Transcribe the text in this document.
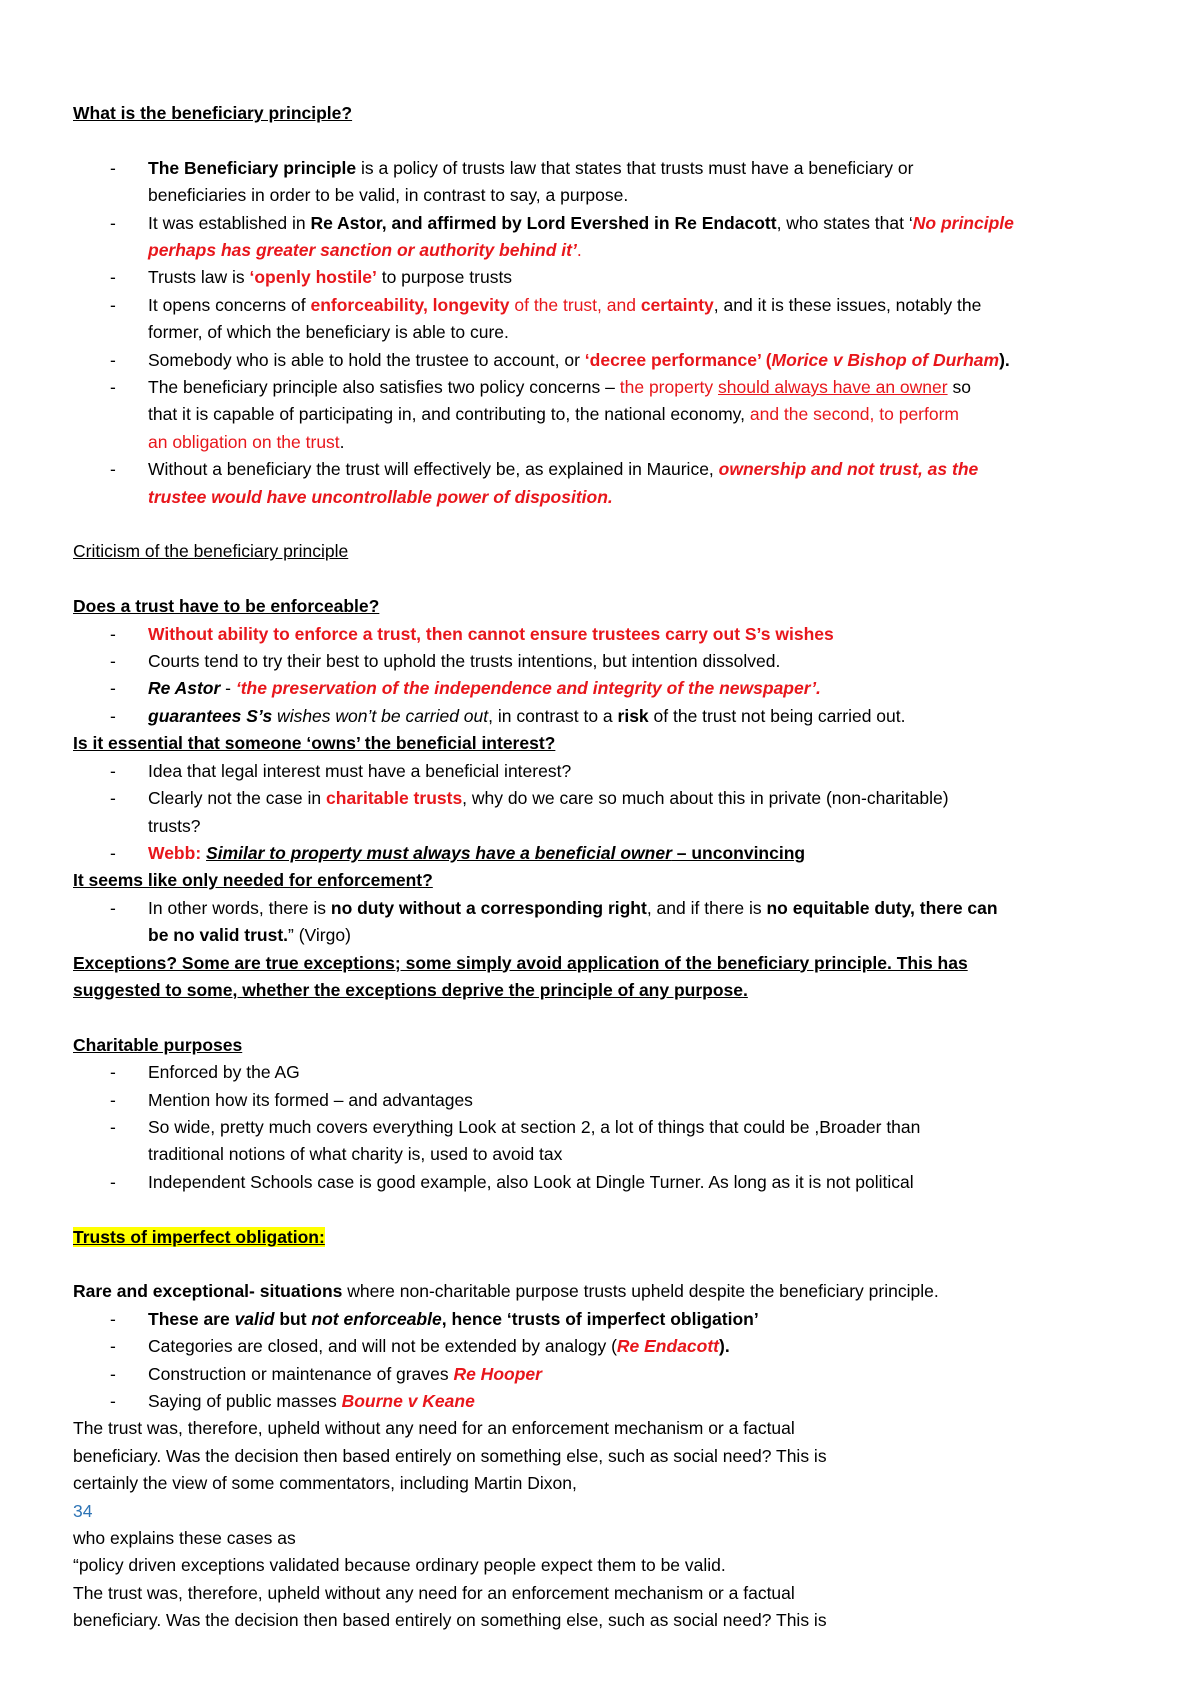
What is the beneficiary principle?
-	The Beneficiary principle is a policy of trusts law that states that trusts must have a beneficiary or
beneficiaries in order to be valid, in contrast to say, a purpose.
-	It was established in Re Astor, and affirmed by Lord Evershed in Re Endacott, who states that ‘No principle
perhaps has greater sanction or authority behind it’.
-	Trusts law is ‘openly hostile’ to purpose trusts
-	It opens concerns of enforceability, longevity of the trust, and certainty, and it is these issues, notably the
former, of which the beneficiary is able to cure.
-	Somebody who is able to hold the trustee to account, or ‘decree performance’ (Morice v Bishop of Durham).
-	The beneficiary principle also satisfies two policy concerns – the property should always have an owner so
that it is capable of participating in, and contributing to, the national economy, and the second, to perform
an obligation on the trust.
-	Without a beneficiary the trust will effectively be, as explained in Maurice, ownership and not trust, as the
trustee would have uncontrollable power of disposition.
Criticism of the beneficiary principle
Does a trust have to be enforceable?
-	Without ability to enforce a trust, then cannot ensure trustees carry out S’s wishes
-	Courts tend to try their best to uphold the trusts intentions, but intention dissolved.
-	Re Astor - ‘the preservation of the independence and integrity of the newspaper’.
-	guarantees S’s wishes won’t be carried out, in contrast to a risk of the trust not being carried out.
Is it essential that someone ‘owns’ the beneficial interest?
-	Idea that legal interest must have a beneficial interest?
-	Clearly not the case in charitable trusts, why do we care so much about this in private (non-charitable)
trusts?
-	Webb: Similar to property must always have a beneficial owner – unconvincing
It seems like only needed for enforcement?
-	In other words, there is no duty without a corresponding right, and if there is no equitable duty, there can
be no valid trust.” (Virgo)
Exceptions? Some are true exceptions; some simply avoid application of the beneficiary principle. This has
suggested to some, whether the exceptions deprive the principle of any purpose.
Charitable purposes
-	Enforced by the AG
-	Mention how its formed – and advantages
-	So wide, pretty much covers everything Look at section 2, a lot of things that could be ,Broader than
traditional notions of what charity is, used to avoid tax
-	Independent Schools case is good example, also Look at Dingle Turner. As long as it is not political
Trusts of imperfect obligation:
Rare and exceptional- situations where non-charitable purpose trusts upheld despite the beneficiary principle.
-	These are valid but not enforceable, hence ‘trusts of imperfect obligation’
-	Categories are closed, and will not be extended by analogy (Re Endacott).
-	Construction or maintenance of graves Re Hooper
-	Saying of public masses Bourne v Keane
The trust was, therefore, upheld without any need for an enforcement mechanism or a factual
beneficiary. Was the decision then based entirely on something else, such as social need? This is
certainly the view of some commentators, including Martin Dixon,
34
who explains these cases as
“policy driven exceptions validated because ordinary people expect them to be valid.
The trust was, therefore, upheld without any need for an enforcement mechanism or a factual
beneficiary. Was the decision then based entirely on something else, such as social need? This is
